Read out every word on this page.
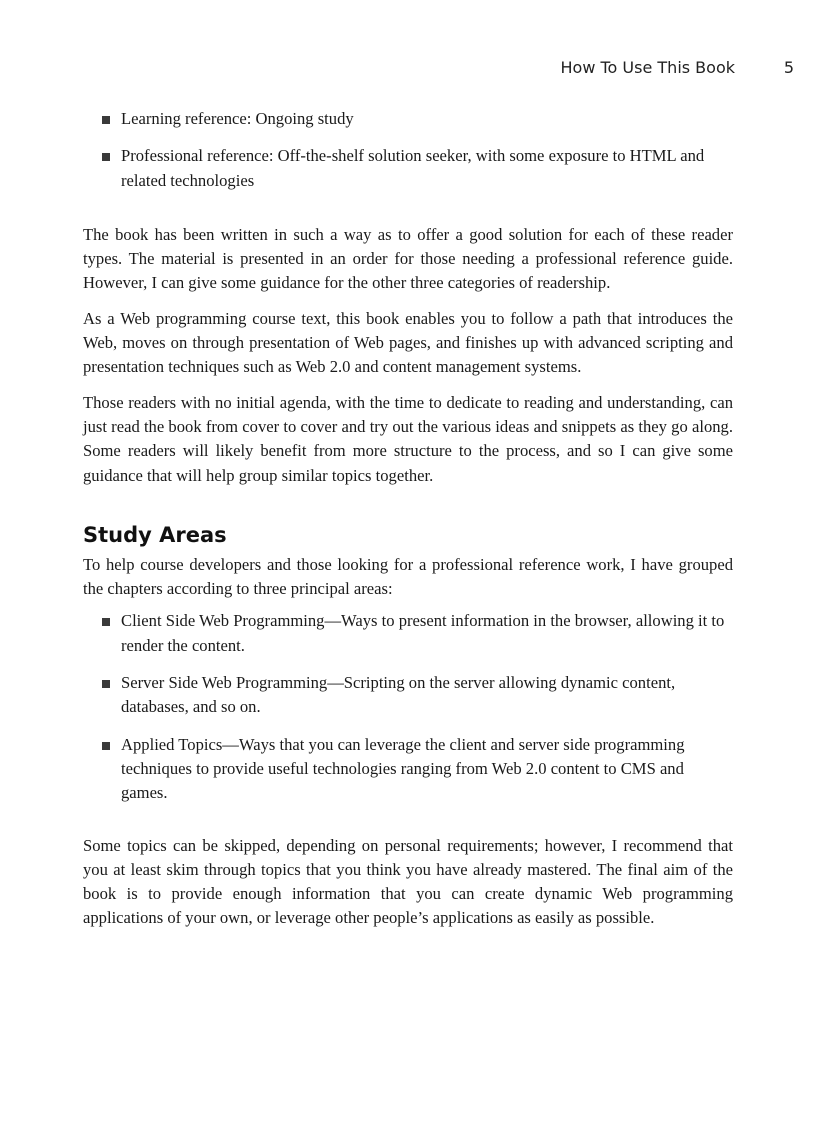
How To Use This Book	5
Learning reference: Ongoing study
Professional reference: Off-the-shelf solution seeker, with some exposure to HTML and related technologies

The book has been written in such a way as to offer a good solution for each of these reader types. The material is presented in an order for those needing a professional reference guide. However, I can give some guidance for the other three categories of readership.

As a Web programming course text, this book enables you to follow a path that introduces the Web, moves on through presentation of Web pages, and finishes up with advanced scripting and presentation techniques such as Web 2.0 and content management systems.

Those readers with no initial agenda, with the time to dedicate to reading and understanding, can just read the book from cover to cover and try out the various ideas and snippets as they go along. Some readers will likely benefit from more structure to the process, and so I can give some guidance that will help group similar topics together.

Study Areas

To help course developers and those looking for a professional reference work, I have grouped the chapters according to three principal areas:

Client Side Web Programming—Ways to present information in the browser, allowing it to render the content.
Server Side Web Programming—Scripting on the server allowing dynamic content, databases, and so on.
Applied Topics—Ways that you can leverage the client and server side programming techniques to provide useful technologies ranging from Web 2.0 content to CMS and games.

Some topics can be skipped, depending on personal requirements; however, I recommend that you at least skim through topics that you think you have already mastered. The final aim of the book is to provide enough information that you can create dynamic Web programming applications of your own, or leverage other people’s applications as easily as possible.
